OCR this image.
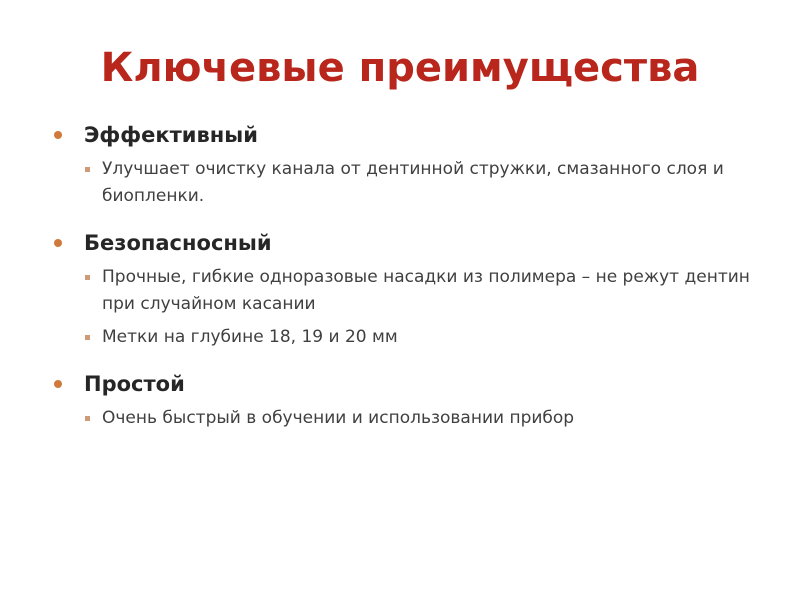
Ключевые преимущества
Эффективный
Улучшает очистку канала от дентинной стружки, смазанного слоя и биопленки.
Безопасносный
Прочные, гибкие одноразовые насадки из полимера – не режут дентин при случайном касании
Метки на глубине 18, 19 и 20 мм
Простой
Очень быстрый в обучении и использовании прибор
